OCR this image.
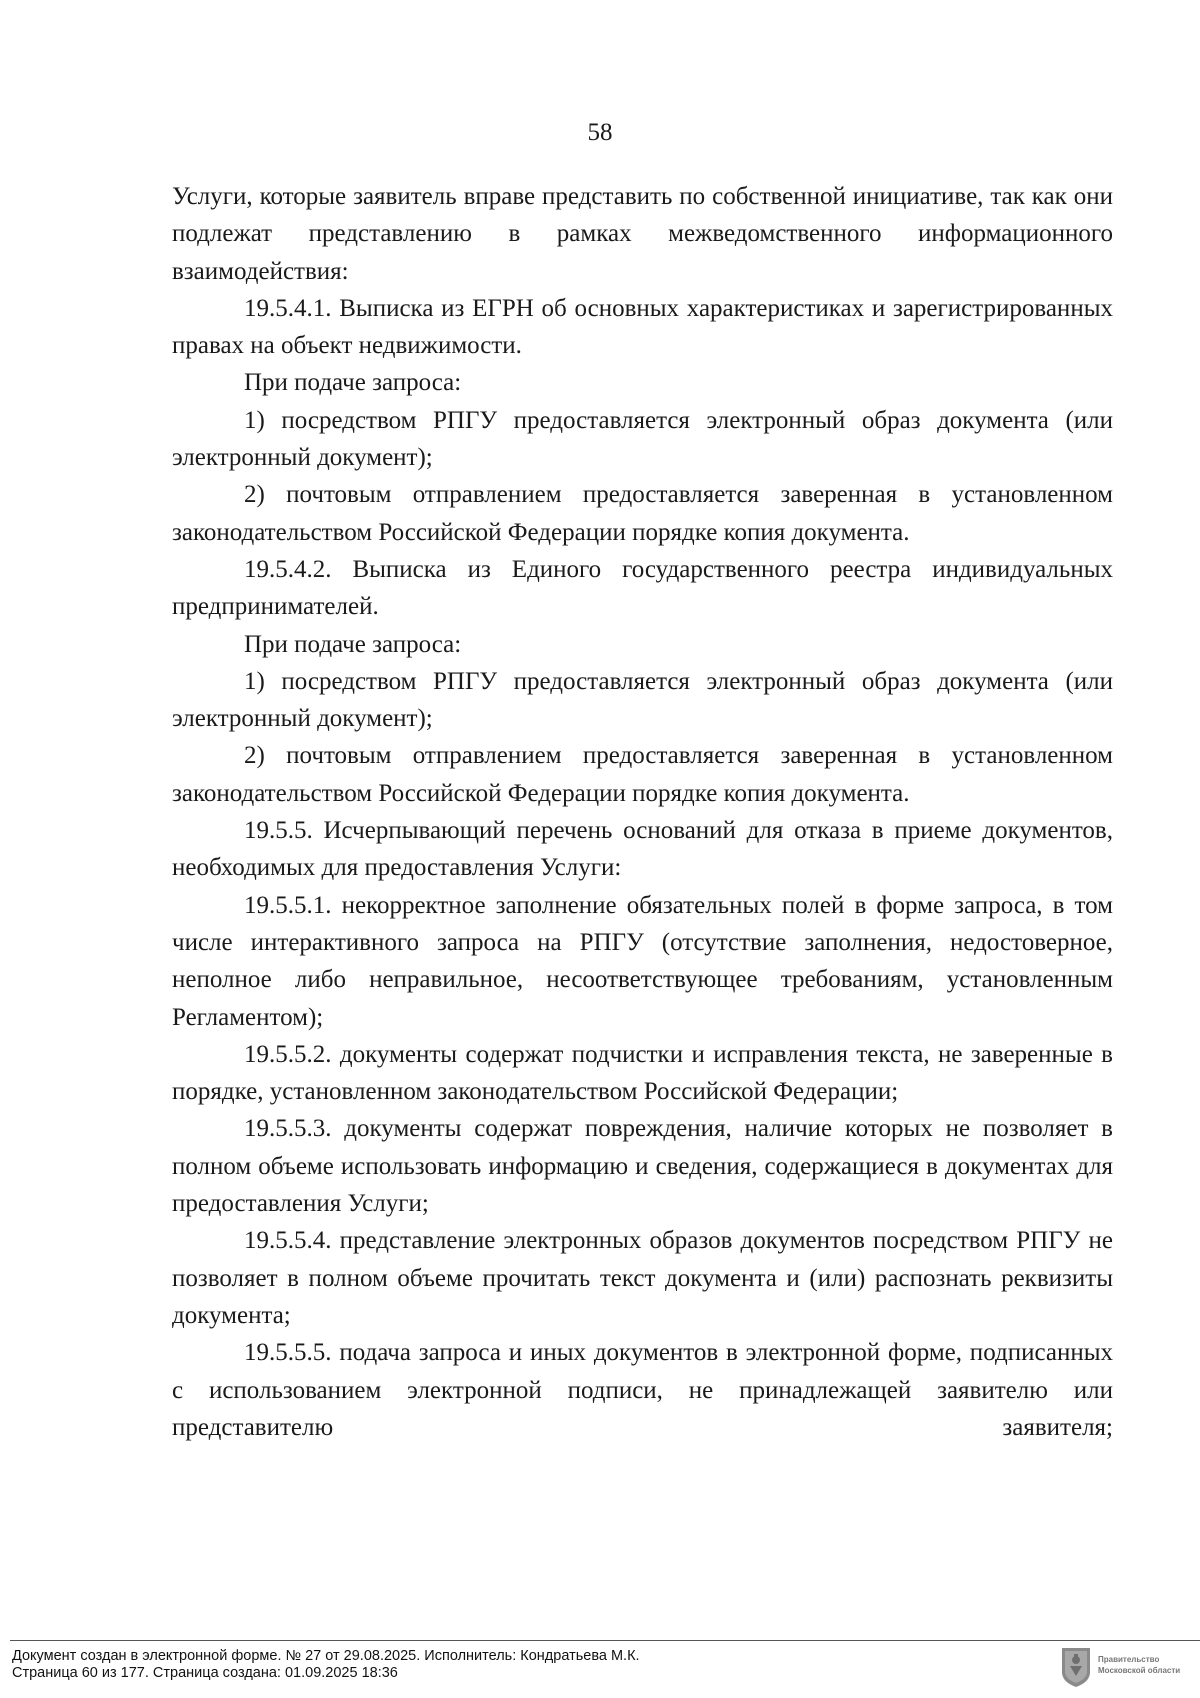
58

Услуги, которые заявитель вправе представить по собственной инициативе, так как они подлежат представлению в рамках межведомственного информационного взаимодействия:

19.5.4.1. Выписка из ЕГРН об основных характеристиках и зарегистрированных правах на объект недвижимости.

При подаче запроса:

1) посредством РПГУ предоставляется электронный образ документа (или электронный документ);

2) почтовым отправлением предоставляется заверенная в установленном законодательством Российской Федерации порядке копия документа.

19.5.4.2. Выписка из Единого государственного реестра индивидуальных предпринимателей.

При подаче запроса:

1) посредством РПГУ предоставляется электронный образ документа (или электронный документ);

2) почтовым отправлением предоставляется заверенная в установленном законодательством Российской Федерации порядке копия документа.

19.5.5. Исчерпывающий перечень оснований для отказа в приеме документов, необходимых для предоставления Услуги:

19.5.5.1. некорректное заполнение обязательных полей в форме запроса, в том числе интерактивного запроса на РПГУ (отсутствие заполнения, недостоверное, неполное либо неправильное, несоответствующее требованиям, установленным Регламентом);

19.5.5.2. документы содержат подчистки и исправления текста, не заверенные в порядке, установленном законодательством Российской Федерации;

19.5.5.3. документы содержат повреждения, наличие которых не позволяет в полном объеме использовать информацию и сведения, содержащиеся в документах для предоставления Услуги;

19.5.5.4. представление электронных образов документов посредством РПГУ не позволяет в полном объеме прочитать текст документа и (или) распознать реквизиты документа;

19.5.5.5. подача запроса и иных документов в электронной форме, подписанных с использованием электронной подписи, не принадлежащей заявителю или представителю заявителя;

Документ создан в электронной форме. № 27 от 29.08.2025. Исполнитель: Кондратьева М.К.
Страница 60 из 177. Страница создана: 01.09.2025 18:36
Правительство Московской области
